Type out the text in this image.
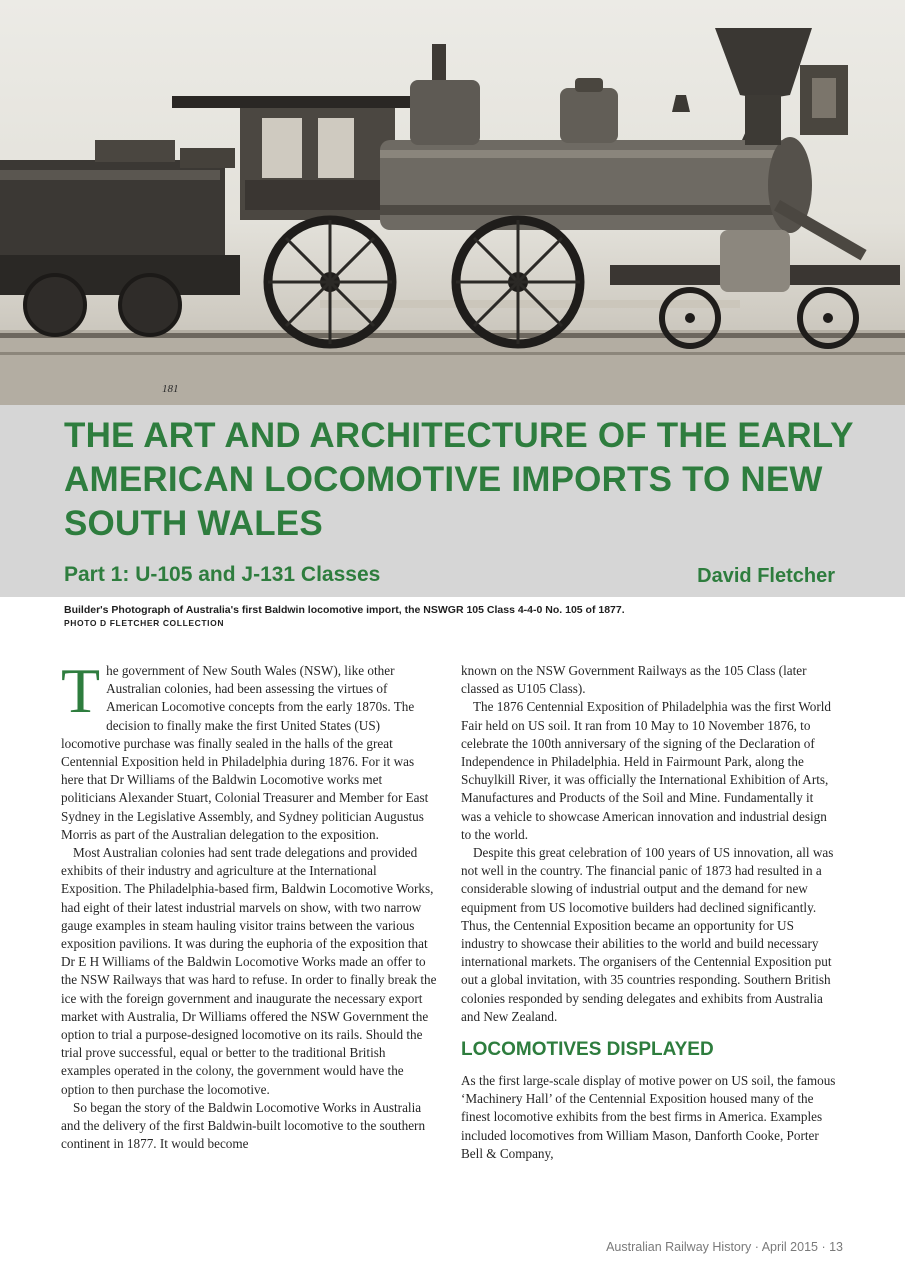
181
THE ART AND ARCHITECTURE OF THE EARLY AMERICAN LOCOMOTIVE IMPORTS TO NEW SOUTH WALES
Part 1: U-105 and J-131 Classes	David Fletcher
Builder's Photograph of Australia's first Baldwin locomotive import, the NSWGR 105 Class 4-4-0 No. 105 of 1877.
PHOTO D FLETCHER COLLECTION

The government of New South Wales (NSW), like other Australian colonies, had been assessing the virtues of American Locomotive concepts from the early 1870s. The decision to finally make the first United States (US) locomotive purchase was finally sealed in the halls of the great Centennial Exposition held in Philadelphia during 1876. For it was here that Dr Williams of the Baldwin Locomotive works met politicians Alexander Stuart, Colonial Treasurer and Member for East Sydney in the Legislative Assembly, and Sydney politician Augustus Morris as part of the Australian delegation to the exposition.

Most Australian colonies had sent trade delegations and provided exhibits of their industry and agriculture at the International Exposition. The Philadelphia-based firm, Baldwin Locomotive Works, had eight of their latest industrial marvels on show, with two narrow gauge examples in steam hauling visitor trains between the various exposition pavilions. It was during the euphoria of the exposition that Dr E H Williams of the Baldwin Locomotive Works made an offer to the NSW Railways that was hard to refuse. In order to finally break the ice with the foreign government and inaugurate the necessary export market with Australia, Dr Williams offered the NSW Government the option to trial a purpose-designed locomotive on its rails. Should the trial prove successful, equal or better to the traditional British examples operated in the colony, the government would have the option to then purchase the locomotive.

So began the story of the Baldwin Locomotive Works in Australia and the delivery of the first Baldwin-built locomotive to the southern continent in 1877. It would become

known on the NSW Government Railways as the 105 Class (later classed as U105 Class).

The 1876 Centennial Exposition of Philadelphia was the first World Fair held on US soil. It ran from 10 May to 10 November 1876, to celebrate the 100th anniversary of the signing of the Declaration of Independence in Philadelphia. Held in Fairmount Park, along the Schuylkill River, it was officially the International Exhibition of Arts, Manufactures and Products of the Soil and Mine. Fundamentally it was a vehicle to showcase American innovation and industrial design to the world.

Despite this great celebration of 100 years of US innovation, all was not well in the country. The financial panic of 1873 had resulted in a considerable slowing of industrial output and the demand for new equipment from US locomotive builders had declined significantly. Thus, the Centennial Exposition became an opportunity for US industry to showcase their abilities to the world and build necessary international markets. The organisers of the Centennial Exposition put out a global invitation, with 35 countries responding. Southern British colonies responded by sending delegates and exhibits from Australia and New Zealand.

LOCOMOTIVES DISPLAYED

As the first large-scale display of motive power on US soil, the famous ‘Machinery Hall’ of the Centennial Exposition housed many of the finest locomotive exhibits from the best firms in America. Examples included locomotives from William Mason, Danforth Cooke, Porter Bell & Company,

Australian Railway History · April 2015 · 13
